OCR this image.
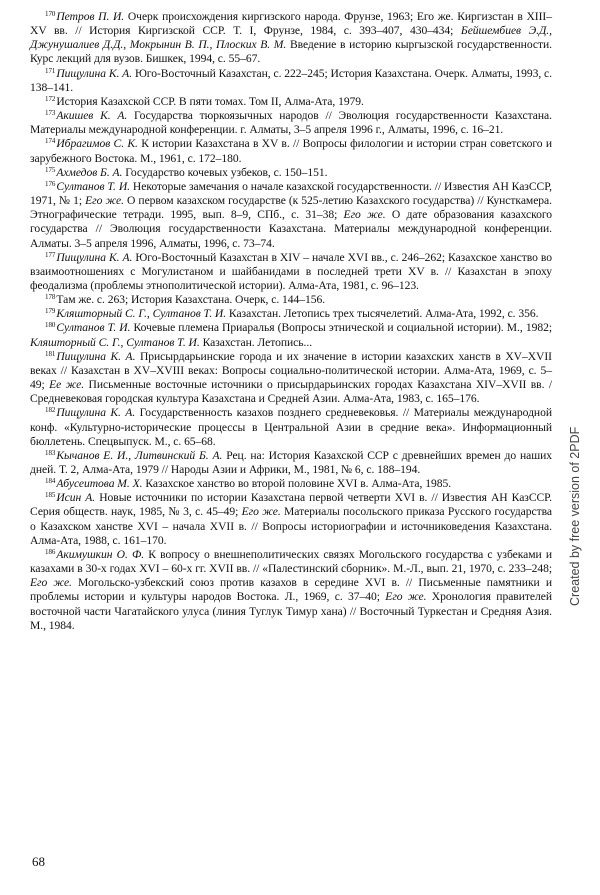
$^{170}$Петров П. И. Очерк происхождения киргизского народа. Фрунзе, 1963; Его же. Киргизстан в XIII–XV вв. // История Киргизской ССР. Т. I, Фрунзе, 1984, с. 393–407, 430–434; Бейшембиев Э.Д., Джунушалиев Д.Д., Мокрынин В. П., Плоских В. М. Введение в историю кыргызской государственности. Курс лекций для вузов. Бишкек, 1994, с. 55–67.

$^{171}$Пищулина К. А. Юго-Восточный Казахстан, с. 222–245; История Казахстана. Очерк. Алматы, 1993, с. 138–141.

$^{172}$История Казахской ССР. В пяти томах. Том II, Алма-Ата, 1979.

$^{173}$Акишев К. А. Государства тюркоязычных народов // Эволюция государственности Казахстана. Материалы международной конференции. г. Алматы, 3–5 апреля 1996 г., Алматы, 1996, с. 16–21.

$^{174}$Ибрагимов С. К. К истории Казахстана в XV в. // Вопросы филологии и истории стран советского и зарубежного Востока. М., 1961, с. 172–180.

$^{175}$Ахмедов Б. А. Государство кочевых узбеков, с. 150–151.

$^{176}$Султанов Т. И. Некоторые замечания о начале казахской государственности. // Известия АН КазССР, 1971, № 1; Его же. О первом казахском государстве (к 525-летию Казахского государства) // Кунсткамера. Этнографические тетради. 1995, вып. 8–9, СПб., с. 31–38; Его же. О дате образования казахского государства // Эволюция государственности Казахстана. Материалы международной конференции. Алматы. 3–5 апреля 1996, Алматы, 1996, с. 73–74.

$^{177}$Пищулина К. А. Юго-Восточный Казахстан в XIV – начале XVI вв., с. 246–262; Казахское ханство во взаимоотношениях с Могулистаном и шайбанидами в последней трети XV в. // Казахстан в эпоху феодализма (проблемы этнополитической истории). Алма-Ата, 1981, с. 96–123.

$^{178}$Там же. с. 263; История Казахстана. Очерк, с. 144–156.

$^{179}$Кляшторный С. Г., Султанов Т. И. Казахстан. Летопись трех тысячелетий. Алма-Ата, 1992, с. 356.

$^{180}$Султанов Т. И. Кочевые племена Приаралья (Вопросы этнической и социальной истории). М., 1982; Кляшторный С. Г., Султанов Т. И. Казахстан. Летопись...

$^{181}$Пищулина К. А. Присырдарьинские города и их значение в истории казахских ханств в XV–XVII веках // Казахстан в XV–XVIII веках: Вопросы социально-политической истории. Алма-Ата, 1969, с. 5–49; Ее же. Письменные восточные источники о присырдарьинских городах Казахстана XIV–XVII вв. / Средневековая городская культура Казахстана и Средней Азии. Алма-Ата, 1983, с. 165–176.

$^{182}$Пищулина К. А. Государственность казахов позднего средневековья. // Материалы международной конф. «Культурно-исторические процессы в Центральной Азии в средние века». Информационный бюллетень. Спецвыпуск. М., с. 65–68.

$^{183}$Кычанов Е. И., Литвинский Б. А. Рец. на: История Казахской ССР с древнейших времен до наших дней. Т. 2, Алма-Ата, 1979 // Народы Азии и Африки, М., 1981, № 6, с. 188–194.

$^{184}$Абусеитова М. Х. Казахское ханство во второй половине XVI в. Алма-Ата, 1985.

$^{185}$Исин А. Новые источники по истории Казахстана первой четверти XVI в. // Известия АН КазССР. Серия обществ. наук, 1985, № 3, с. 45–49; Его же. Материалы посольского приказа Русского государства о Казахском ханстве XVI – начала XVII в. // Вопросы историографии и источниковедения Казахстана. Алма-Ата, 1988, с. 161–170.

$^{186}$Акимушкин О. Ф. К вопросу о внешнеполитических связях Могольского государства с узбеками и казахами в 30-х годах XVI – 60-х гг. XVII вв. // «Палестинский сборник». М.-Л., вып. 21, 1970, с. 233–248; Его же. Могольско-узбекский союз против казахов в середине XVI в. // Письменные памятники и проблемы истории и культуры народов Востока. Л., 1969, с. 37–40; Его же. Хронология правителей восточной части Чагатайского улуса (линия Туглук Тимур хана) // Восточный Туркестан и Средняя Азия. М., 1984.

68
Created by free version of 2PDF
